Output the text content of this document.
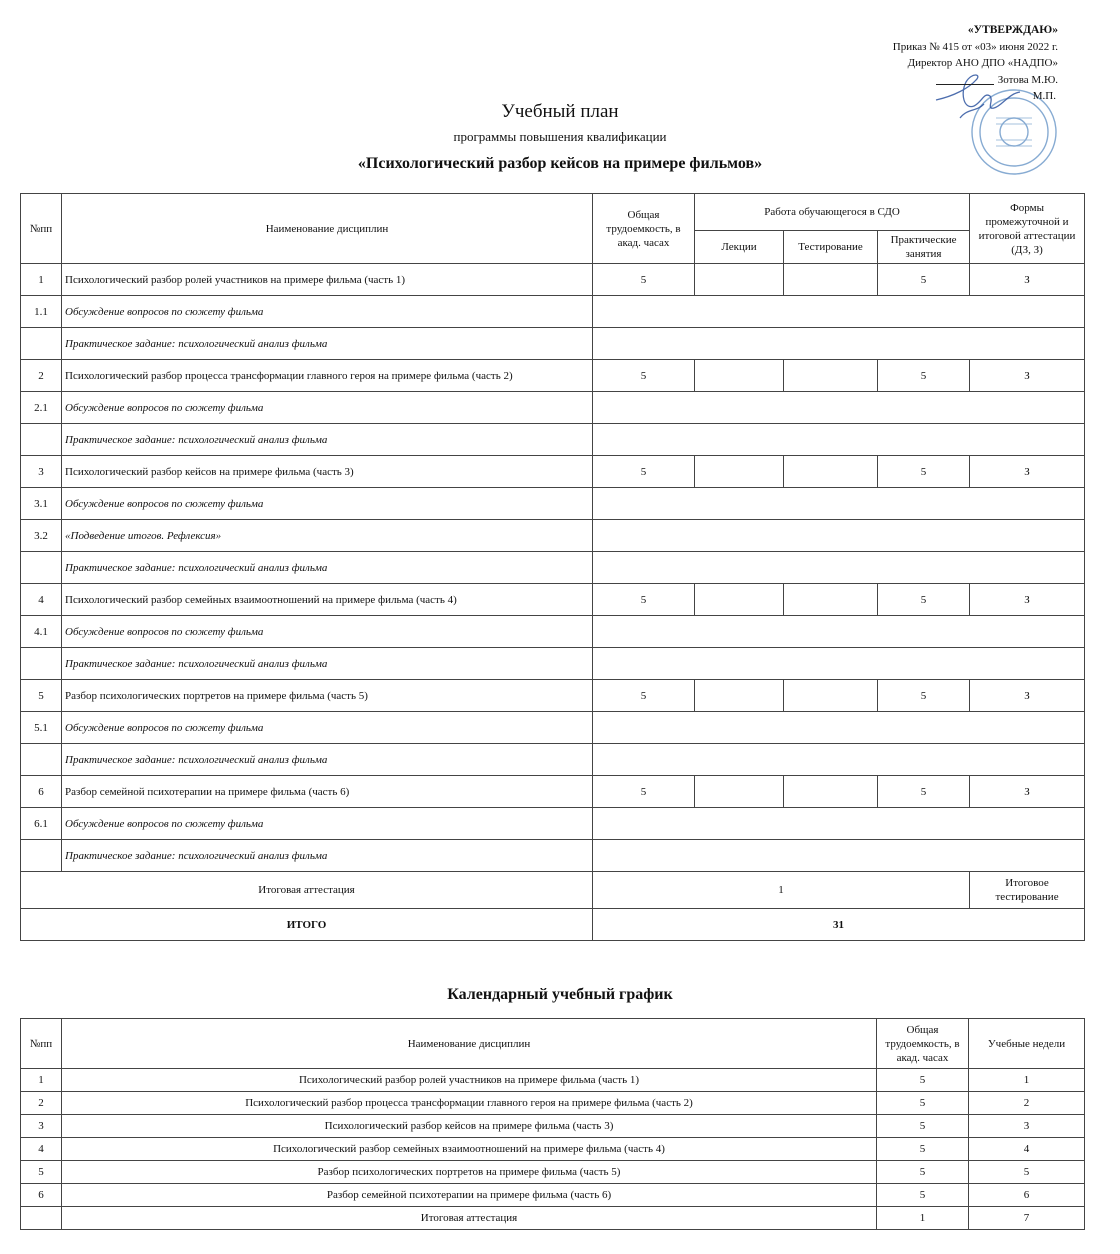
«УТВЕРЖДАЮ»
Приказ № 415 от «03» июня 2022 г.
Директор АНО ДПО «НАДПО»
Зотова М.Ю.
М.П.
Учебный план
программы повышения квалификации
«Психологический разбор кейсов на примере фильмов»
№пп	Наименование дисциплин	Общая трудоемкость, в акад. часах	Работа обучающегося в СДО			Формы промежуточной и итоговой аттестации (ДЗ, З)
			Лекции	Тестирование	Практические занятия	
1	Психологический разбор ролей участников на примере фильма (часть 1)	5			5	З
1.1	Обсуждение вопросов по сюжету фильма					
	Практическое задание: психологический анализ фильма					
2	Психологический разбор процесса трансформации главного героя на примере фильма (часть 2)	5			5	З
2.1	Обсуждение вопросов по сюжету фильма					
	Практическое задание: психологический анализ фильма					
3	Психологический разбор кейсов на примере фильма (часть 3)	5			5	З
3.1	Обсуждение вопросов по сюжету фильма					
3.2	«Подведение итогов. Рефлексия»					
	Практическое задание: психологический анализ фильма					
4	Психологический разбор семейных взаимоотношений на примере фильма (часть 4)	5			5	З
4.1	Обсуждение вопросов по сюжету фильма					
	Практическое задание: психологический анализ фильма					
5	Разбор психологических портретов на примере фильма (часть 5)	5			5	З
5.1	Обсуждение вопросов по сюжету фильма					
	Практическое задание: психологический анализ фильма					
6	Разбор семейной психотерапии на примере фильма (часть 6)	5			5	З
6.1	Обсуждение вопросов по сюжету фильма					
	Практическое задание: психологический анализ фильма					
Итоговая аттестация		1				Итоговое тестирование
ИТОГО		31				
Календарный учебный график
№пп	Наименование дисциплин	Общая трудоемкость, в акад. часах	Учебные недели
1	Психологический разбор ролей участников на примере фильма (часть 1)	5	1
2	Психологический разбор процесса трансформации главного героя на примере фильма (часть 2)	5	2
3	Психологический разбор кейсов на примере фильма (часть 3)	5	3
4	Психологический разбор семейных взаимоотношений на примере фильма (часть 4)	5	4
5	Разбор психологических портретов на примере фильма (часть 5)	5	5
6	Разбор семейной психотерапии на примере фильма (часть 6)	5	6
	Итоговая аттестация	1	7
